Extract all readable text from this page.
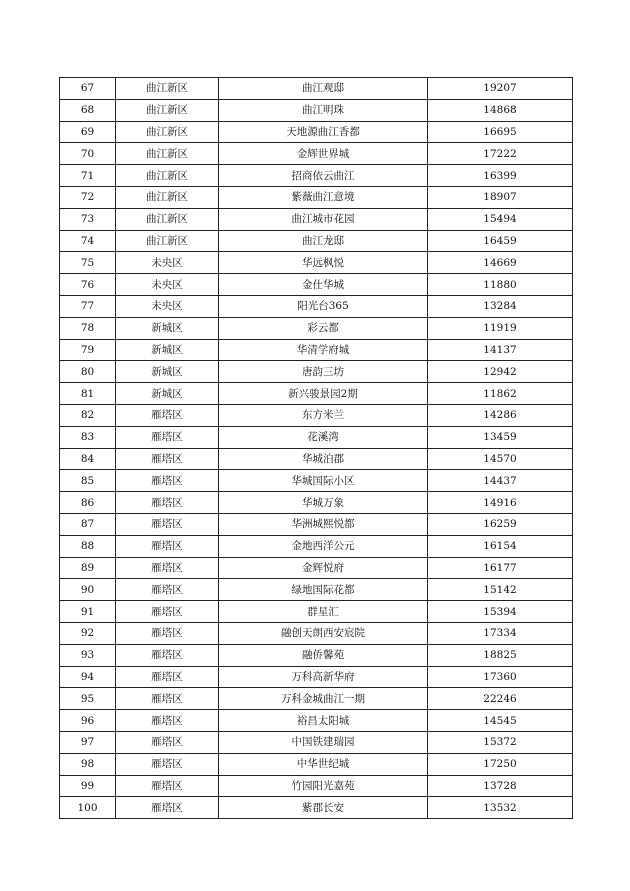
67	曲江新区	曲江观邸	19207
68	曲江新区	曲江明珠	14868
69	曲江新区	天地源曲江香都	16695
70	曲江新区	金辉世界城	17222
71	曲江新区	招商依云曲江	16399
72	曲江新区	紫薇曲江意境	18907
73	曲江新区	曲江城市花园	15494
74	曲江新区	曲江龙邸	16459
75	未央区	华远枫悦	14669
76	未央区	金仕华城	11880
77	未央区	阳光台365	13284
78	新城区	彩云都	11919
79	新城区	华清学府城	14137
80	新城区	唐韵三坊	12942
81	新城区	新兴骏景园2期	11862
82	雁塔区	东方米兰	14286
83	雁塔区	花溪湾	13459
84	雁塔区	华城泊郡	14570
85	雁塔区	华城国际小区	14437
86	雁塔区	华城万象	14916
87	雁塔区	华洲城熙悦都	16259
88	雁塔区	金地西洋公元	16154
89	雁塔区	金辉悦府	16177
90	雁塔区	绿地国际花都	15142
91	雁塔区	群星汇	15394
92	雁塔区	融创天朗西安宸院	17334
93	雁塔区	融侨馨苑	18825
94	雁塔区	万科高新华府	17360
95	雁塔区	万科金城曲江一期	22246
96	雁塔区	裕昌太阳城	14545
97	雁塔区	中国铁建瑞园	15372
98	雁塔区	中华世纪城	17250
99	雁塔区	竹园阳光嘉苑	13728
100	雁塔区	紫郡长安	13532
